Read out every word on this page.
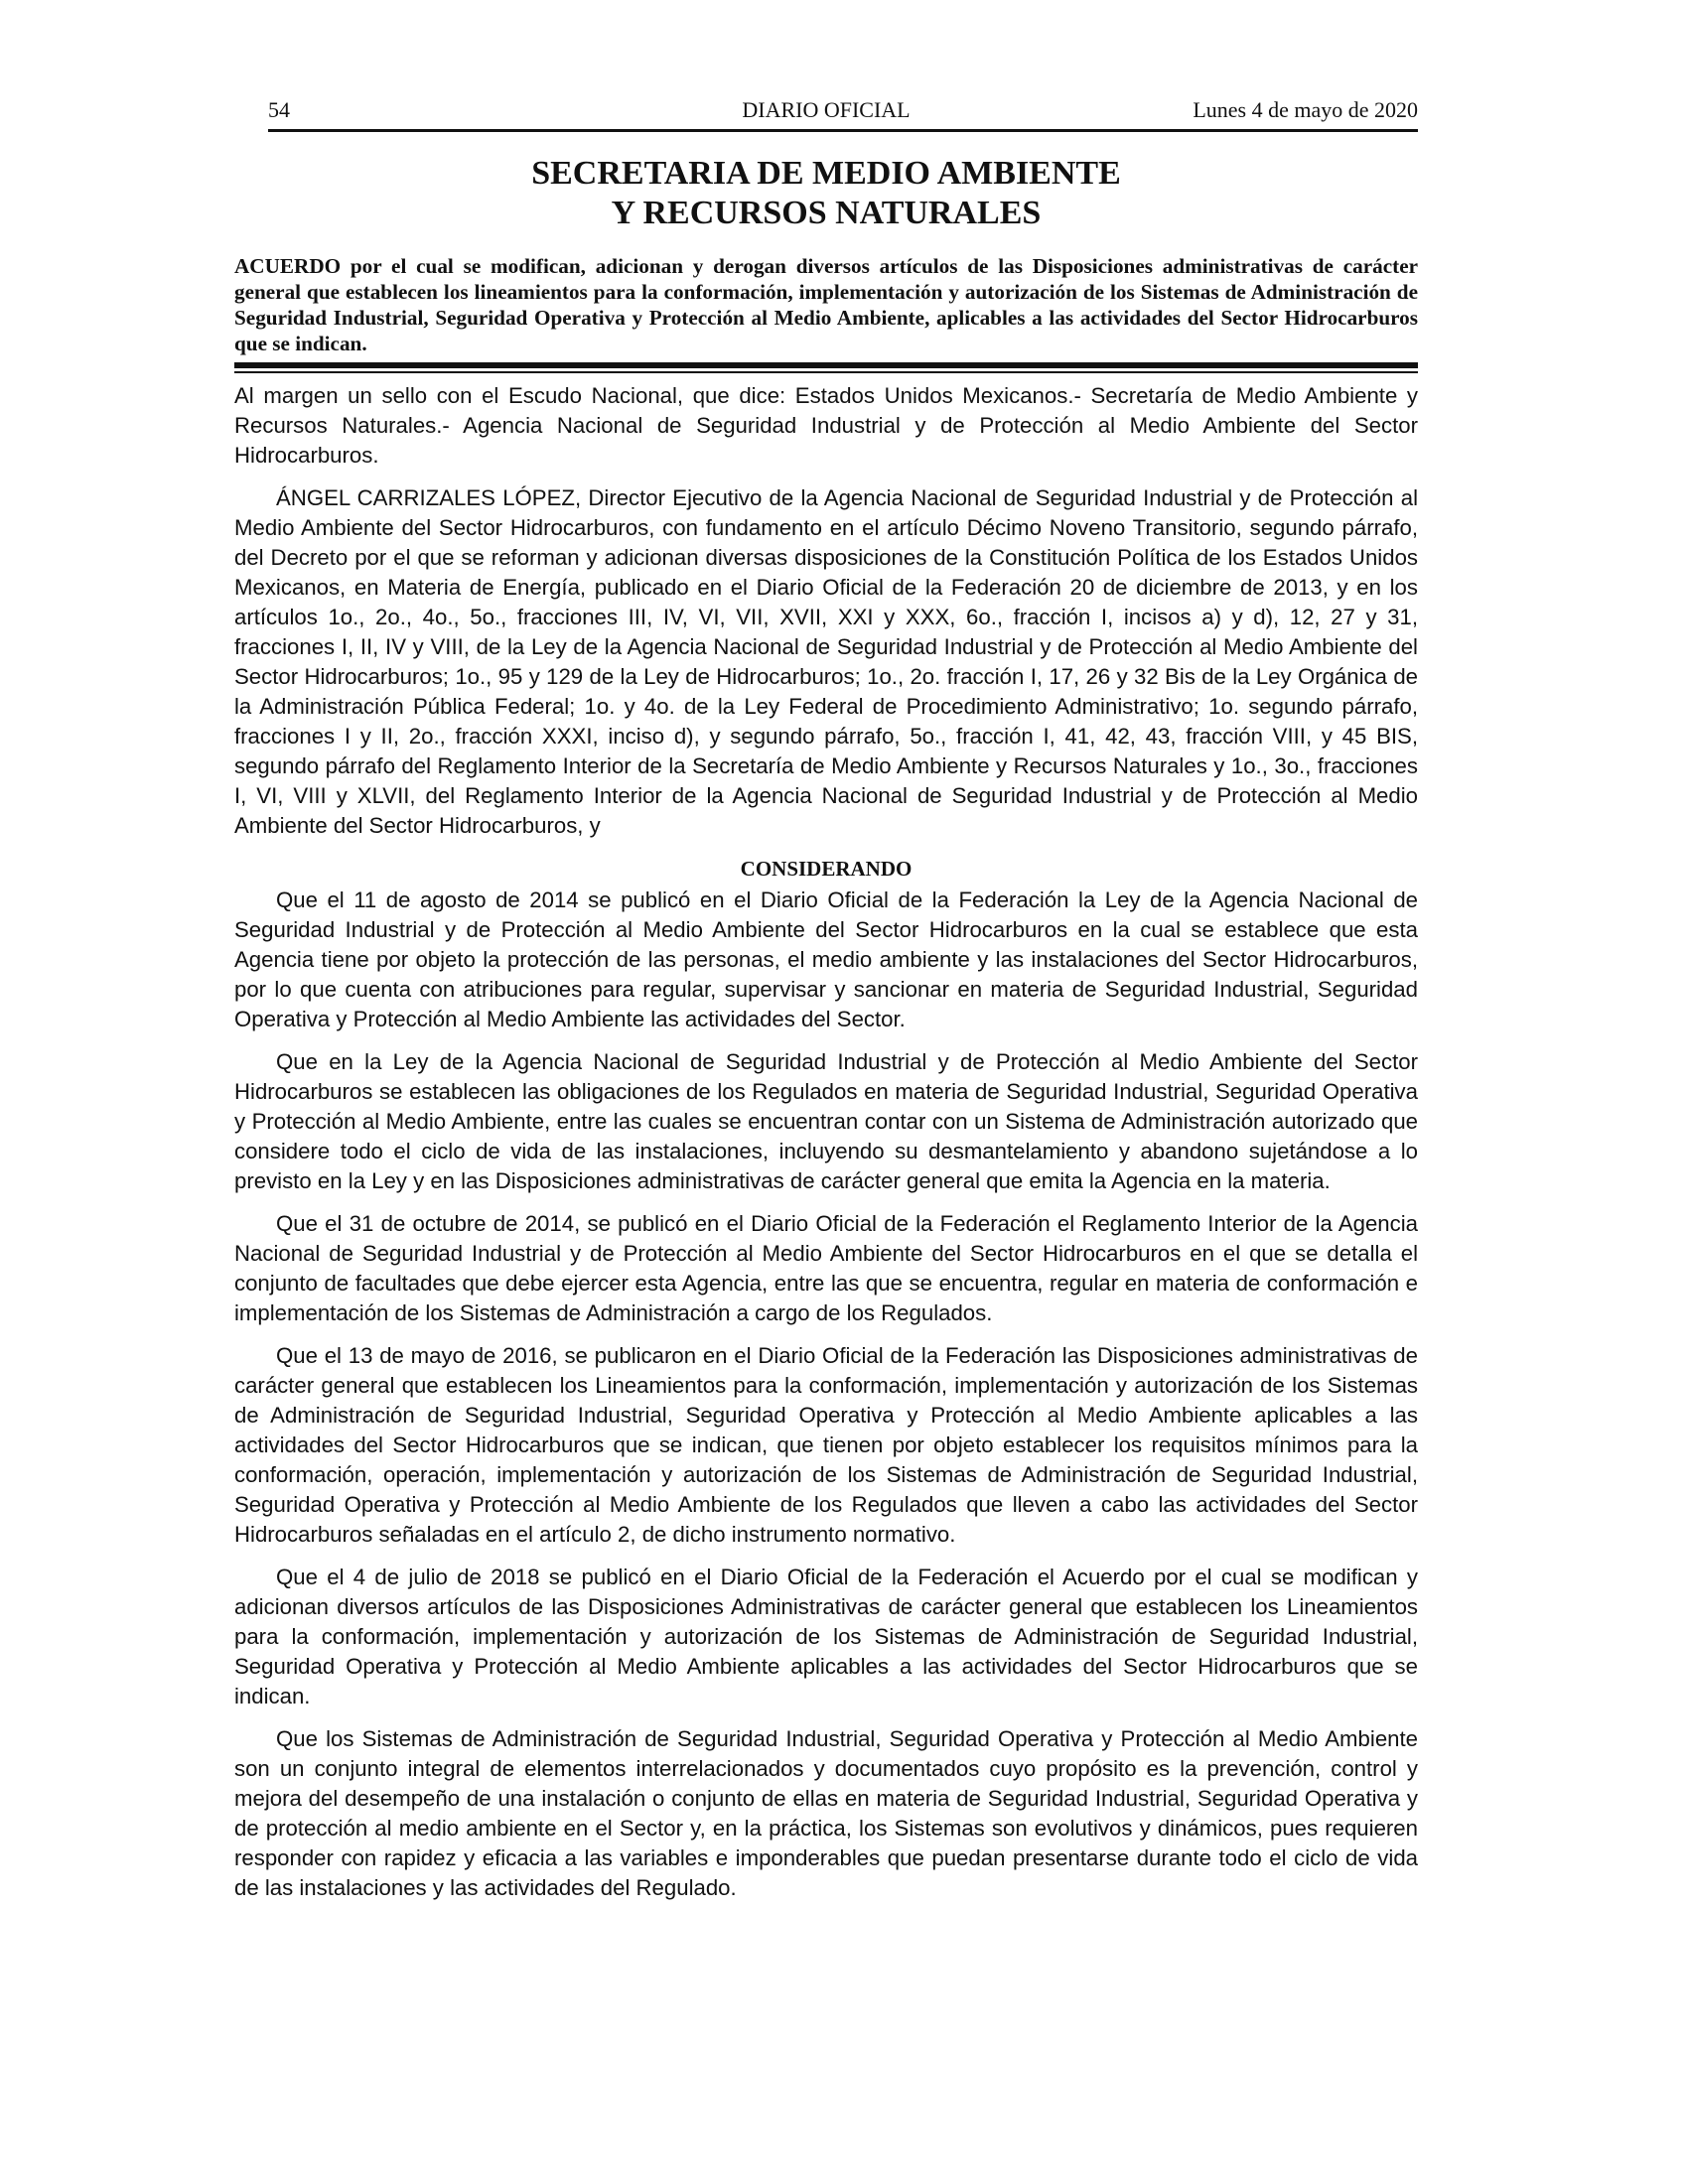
54	DIARIO OFICIAL	Lunes 4 de mayo de 2020
SECRETARIA DE MEDIO AMBIENTE
Y RECURSOS NATURALES

ACUERDO por el cual se modifican, adicionan y derogan diversos artículos de las Disposiciones administrativas de carácter general que establecen los lineamientos para la conformación, implementación y autorización de los Sistemas de Administración de Seguridad Industrial, Seguridad Operativa y Protección al Medio Ambiente, aplicables a las actividades del Sector Hidrocarburos que se indican.

Al margen un sello con el Escudo Nacional, que dice: Estados Unidos Mexicanos.- Secretaría de Medio Ambiente y Recursos Naturales.- Agencia Nacional de Seguridad Industrial y de Protección al Medio Ambiente del Sector Hidrocarburos.

ÁNGEL CARRIZALES LÓPEZ, Director Ejecutivo de la Agencia Nacional de Seguridad Industrial y de Protección al Medio Ambiente del Sector Hidrocarburos, con fundamento en el artículo Décimo Noveno Transitorio, segundo párrafo, del Decreto por el que se reforman y adicionan diversas disposiciones de la Constitución Política de los Estados Unidos Mexicanos, en Materia de Energía, publicado en el Diario Oficial de la Federación 20 de diciembre de 2013, y en los artículos 1o., 2o., 4o., 5o., fracciones III, IV, VI, VII, XVII, XXI y XXX, 6o., fracción I, incisos a) y d), 12, 27 y 31, fracciones I, II, IV y VIII, de la Ley de la Agencia Nacional de Seguridad Industrial y de Protección al Medio Ambiente del Sector Hidrocarburos; 1o., 95 y 129 de la Ley de Hidrocarburos; 1o., 2o. fracción I, 17, 26 y 32 Bis de la Ley Orgánica de la Administración Pública Federal; 1o. y 4o. de la Ley Federal de Procedimiento Administrativo; 1o. segundo párrafo, fracciones I y II, 2o., fracción XXXI, inciso d), y segundo párrafo, 5o., fracción I, 41, 42, 43, fracción VIII, y 45 BIS, segundo párrafo del Reglamento Interior de la Secretaría de Medio Ambiente y Recursos Naturales y 1o., 3o., fracciones I, VI, VIII y XLVII, del Reglamento Interior de la Agencia Nacional de Seguridad Industrial y de Protección al Medio Ambiente del Sector Hidrocarburos, y

CONSIDERANDO

Que el 11 de agosto de 2014 se publicó en el Diario Oficial de la Federación la Ley de la Agencia Nacional de Seguridad Industrial y de Protección al Medio Ambiente del Sector Hidrocarburos en la cual se establece que esta Agencia tiene por objeto la protección de las personas, el medio ambiente y las instalaciones del Sector Hidrocarburos, por lo que cuenta con atribuciones para regular, supervisar y sancionar en materia de Seguridad Industrial, Seguridad Operativa y Protección al Medio Ambiente las actividades del Sector.

Que en la Ley de la Agencia Nacional de Seguridad Industrial y de Protección al Medio Ambiente del Sector Hidrocarburos se establecen las obligaciones de los Regulados en materia de Seguridad Industrial, Seguridad Operativa y Protección al Medio Ambiente, entre las cuales se encuentran contar con un Sistema de Administración autorizado que considere todo el ciclo de vida de las instalaciones, incluyendo su desmantelamiento y abandono sujetándose a lo previsto en la Ley y en las Disposiciones administrativas de carácter general que emita la Agencia en la materia.

Que el 31 de octubre de 2014, se publicó en el Diario Oficial de la Federación el Reglamento Interior de la Agencia Nacional de Seguridad Industrial y de Protección al Medio Ambiente del Sector Hidrocarburos en el que se detalla el conjunto de facultades que debe ejercer esta Agencia, entre las que se encuentra, regular en materia de conformación e implementación de los Sistemas de Administración a cargo de los Regulados.

Que el 13 de mayo de 2016, se publicaron en el Diario Oficial de la Federación las Disposiciones administrativas de carácter general que establecen los Lineamientos para la conformación, implementación y autorización de los Sistemas de Administración de Seguridad Industrial, Seguridad Operativa y Protección al Medio Ambiente aplicables a las actividades del Sector Hidrocarburos que se indican, que tienen por objeto establecer los requisitos mínimos para la conformación, operación, implementación y autorización de los Sistemas de Administración de Seguridad Industrial, Seguridad Operativa y Protección al Medio Ambiente de los Regulados que lleven a cabo las actividades del Sector Hidrocarburos señaladas en el artículo 2, de dicho instrumento normativo.

Que el 4 de julio de 2018 se publicó en el Diario Oficial de la Federación el Acuerdo por el cual se modifican y adicionan diversos artículos de las Disposiciones Administrativas de carácter general que establecen los Lineamientos para la conformación, implementación y autorización de los Sistemas de Administración de Seguridad Industrial, Seguridad Operativa y Protección al Medio Ambiente aplicables a las actividades del Sector Hidrocarburos que se indican.

Que los Sistemas de Administración de Seguridad Industrial, Seguridad Operativa y Protección al Medio Ambiente son un conjunto integral de elementos interrelacionados y documentados cuyo propósito es la prevención, control y mejora del desempeño de una instalación o conjunto de ellas en materia de Seguridad Industrial, Seguridad Operativa y de protección al medio ambiente en el Sector y, en la práctica, los Sistemas son evolutivos y dinámicos, pues requieren responder con rapidez y eficacia a las variables e imponderables que puedan presentarse durante todo el ciclo de vida de las instalaciones y las actividades del Regulado.
